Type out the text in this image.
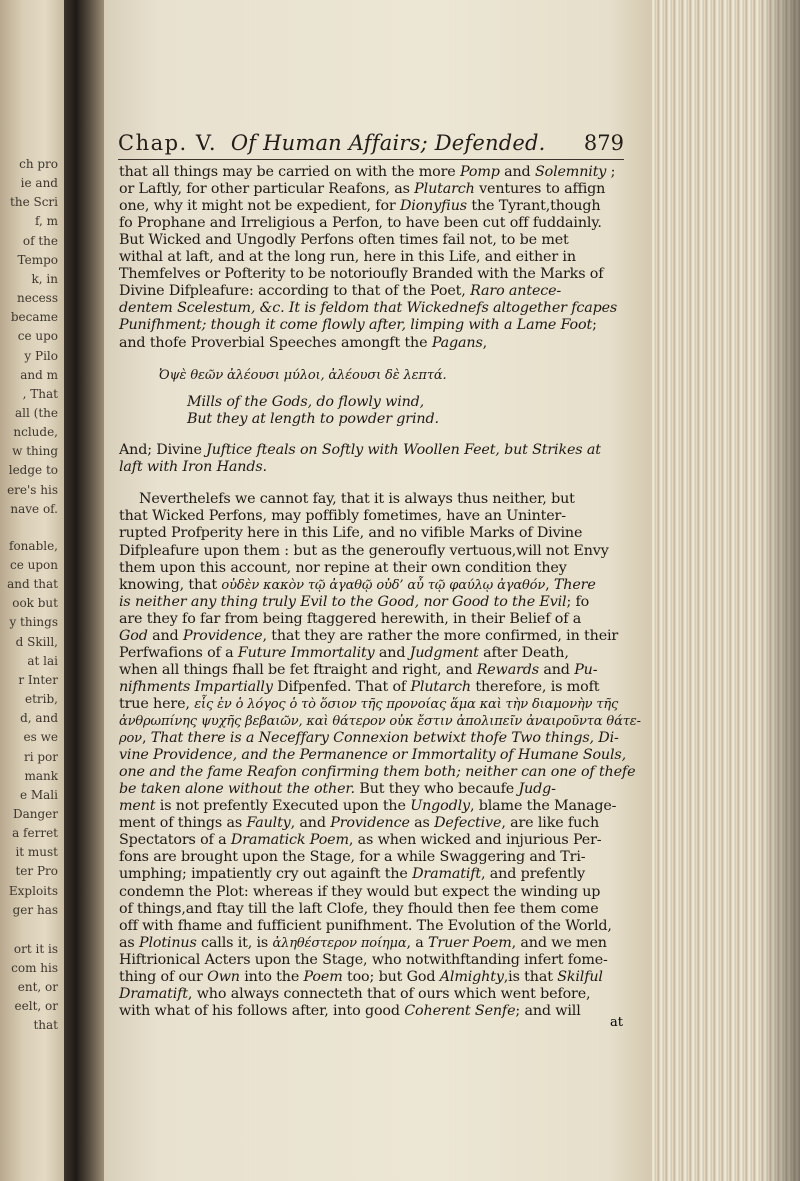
ch pro
ie and
the Scri
f, m
of the
Tempo
k, in
necess
became
ce upo
y Pilo
and m
, That
all (the
nclude,
w thing
ledge to
ere's his
nave of.
fonable,
ce upon
and that
ook but
y things
d Skill,
at lai
r Inter
etrib,
d, and
es we
ri por
mank
e Mali
Danger
a ferret
it must
ter Pro
Exploits
ger has
ort it is
com his
ent, or
eelt, or
that
Chap. V. Of Human Affairs; Defended. 879
that all things may be carried on with the more Pomp and Solemnity ;
or Laftly, for other particular Reafons, as Plutarch ventures to affign
one, why it might not be expedient, for Dionyfius the Tyrant,though
fo Prophane and Irreligious a Perfon, to have been cut off fuddainly.
But Wicked and Ungodly Perfons often times fail not, to be met
withal at laft, and at the long run, here in this Life, and either in
Themfelves or Pofterity to be notorioufly Branded with the Marks of
Divine Difpleafure: according to that of the Poet, Raro antece-
dentem Scelestum, &c. It is feldom that Wickednefs altogether fcapes
Punifhment; though it come flowly after, limping with a Lame Foot;
and thofe Proverbial Speeches amongft the Pagans,
Ὀψὲ θεῶν ἀλέουσι μύλοι, ἀλέουσι δὲ λεπτά.
Mills of the Gods, do flowly wind,
But they at length to powder grind.
And; Divine Juftice fteals on Softly with Woollen Feet, but Strikes at
laft with Iron Hands.
Neverthelefs we cannot fay, that it is always thus neither, but
that Wicked Perfons, may poffibly fometimes, have an Uninter-
rupted Profperity here in this Life, and no vifible Marks of Divine
Difpleafure upon them : but as the generoufly vertuous,will not Envy
them upon this account, nor repine at their own condition they
knowing, that οὐδὲν κακὸν τῷ ἀγαθῷ οὐδ’ αὖ τῷ φαύλῳ ἀγαθόν, There
is neither any thing truly Evil to the Good, nor Good to the Evil; fo
are they fo far from being ftaggered herewith, in their Belief of a
God and Providence, that they are rather the more confirmed, in their
Perfwafions of a Future Immortality and Judgment after Death,
when all things fhall be fet ftraight and right, and Rewards and Pu-
nifhments Impartially Difpenfed. That of Plutarch therefore, is moft
true here, εἷς ἐν ὁ λόγος ὁ τὸ ὅσιον τῆς προνοίας ἅμα καὶ τὴν διαμονὴν τῆς
ἀνθρωπίνης ψυχῆς βεβαιῶν, καὶ θάτερον οὐκ ἔστιν ἀπολιπεῖν ἀναιροῦντα θάτε-
ρον, That there is a Neceffary Connexion betwixt thofe Two things, Di-
vine Providence, and the Permanence or Immortality of Humane Souls,
one and the fame Reafon confirming them both; neither can one of thefe
be taken alone without the other. But they who becaufe Judg-
ment is not prefently Executed upon the Ungodly, blame the Manage-
ment of things as Faulty, and Providence as Defective, are like fuch
Spectators of a Dramatick Poem, as when wicked and injurious Per-
fons are brought upon the Stage, for a while Swaggering and Tri-
umphing; impatiently cry out againft the Dramatift, and prefently
condemn the Plot: whereas if they would but expect the winding up
of things,and ftay till the laft Clofe, they fhould then fee them come
off with fhame and fufficient punifhment. The Evolution of the World,
as Plotinus calls it, is ἀληθέστερον ποίημα, a Truer Poem, and we men
Hiftrionical Acters upon the Stage, who notwithftanding infert fome-
thing of our Own into the Poem too; but God Almighty,is that Skilful
Dramatift, who always connecteth that of ours which went before,
with what of his follows after, into good Coherent Senfe; and will
at
